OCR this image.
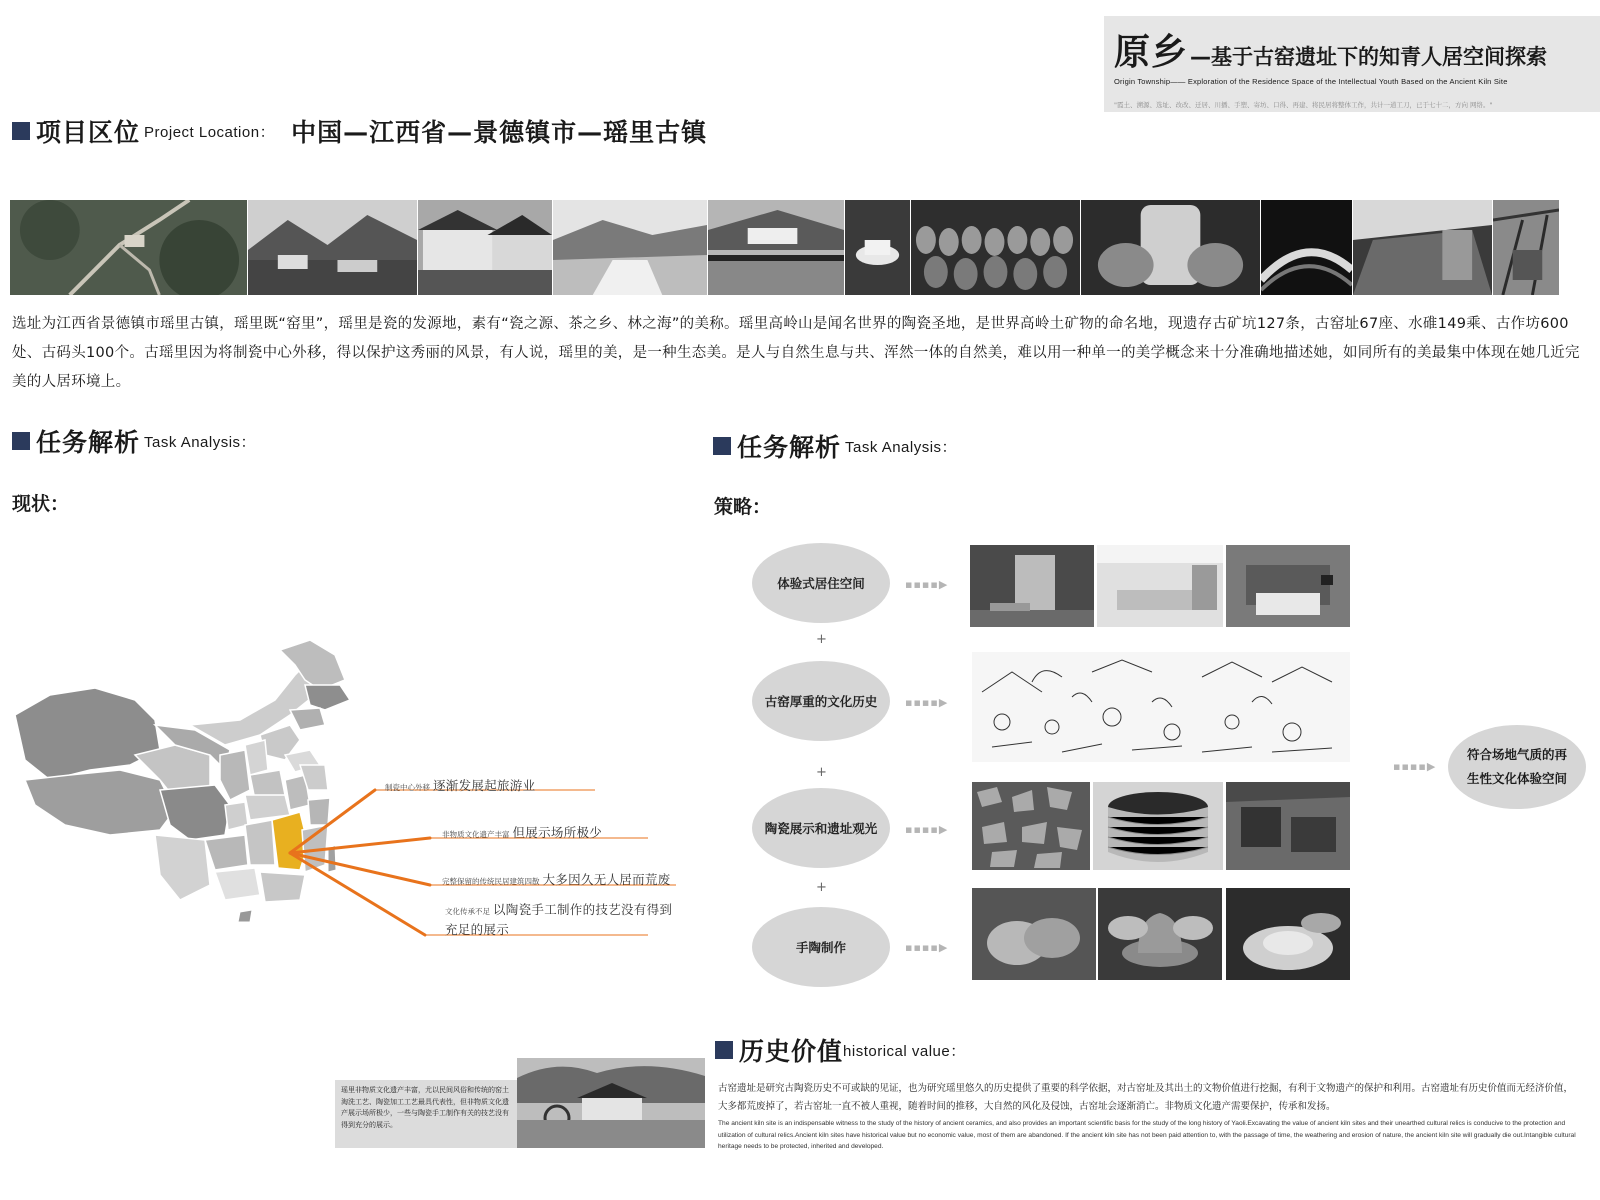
原乡 —基于古窑遗址下的知青人居空间探索
Origin Township—— Exploration of the Residence Space of the Intellectual Youth Based on the Ancient Kiln Site
"霞土、溯源、选址、改改、迁居、川播、手塑、寄坊、口得、再建、将民居将整体工作，共计一道工刀，已于七十二，方向 网络。"
项目区位 Project Location： 中国—江西省—景德镇市—瑶里古镇
选址为江西省景德镇市瑶里古镇，瑶里既“窑里”，瑶里是瓷的发源地，素有“瓷之源、茶之乡、林之海”的美称。瑶里高岭山是闻名世界的陶瓷圣地，是世界高岭土矿物的命名地，现遗存古矿坑127条，古窑址67座、水碓149乘、古作坊600处、古码头100个。古瑶里因为将制瓷中心外移，得以保护这秀丽的风景，有人说，瑶里的美，是一种生态美。是人与自然生息与共、浑然一体的自然美，难以用一种单一的美学概念来十分准确地描述她，如同所有的美最集中体现在她几近完美的人居环境上。
任务解析 Task Analysis：
现状：
制瓷中心外移 逐渐发展起旅游业
非物质文化遗产丰富 但展示场所极少
完整保留的传统民居建筑四散 大多因久无人居而荒废
文化传承不足 以陶瓷手工制作的技艺没有得到
充足的展示
任务解析 Task Analysis：
策略：
体验式居住空间	▪▪▪▪▶
+
古窑厚重的文化历史	▪▪▪▪▶
+
陶瓷展示和遗址观光	▪▪▪▪▶
+
手陶制作	▪▪▪▪▶
▪▪▪▪▶
符合场地气质的再
生性文化体验空间
历史价值 historical value：
瑶里非物质文化遗产丰富，尤以民间风俗和传统的窑土淘洗工艺、陶瓷加工工艺最具代表性，但非物质文化遗产展示场所极少，一些与陶瓷手工制作有关的技艺没有得到充分的展示。
古窑遗址是研究古陶瓷历史不可或缺的见证，也为研究瑶里悠久的历史提供了重要的科学依据，对古窑址及其出土的文物价值进行挖掘，有利于文物遗产的保护和利用。古窑遗址有历史价值而无经济价值，大多都荒废掉了，若古窑址一直不被人重视，随着时间的推移，大自然的风化及侵蚀，古窑址会逐渐消亡。非物质文化遗产需要保护，传承和发扬。
The ancient kiln site is an indispensable witness to the study of the history of ancient ceramics, and also provides an important scientific basis for the study of the long history of Yaoli.Excavating the value of ancient kiln sites and their unearthed cultural relics is conducive to the protection and utilization of cultural relics.Ancient kiln sites have historical value but no economic value, most of them are abandoned. If the ancient kiln site has not been paid attention to, with the passage of time, the weathering and erosion of nature, the ancient kiln site will gradually die out.Intangible cultural heritage needs to be protected, inherited and developed.
